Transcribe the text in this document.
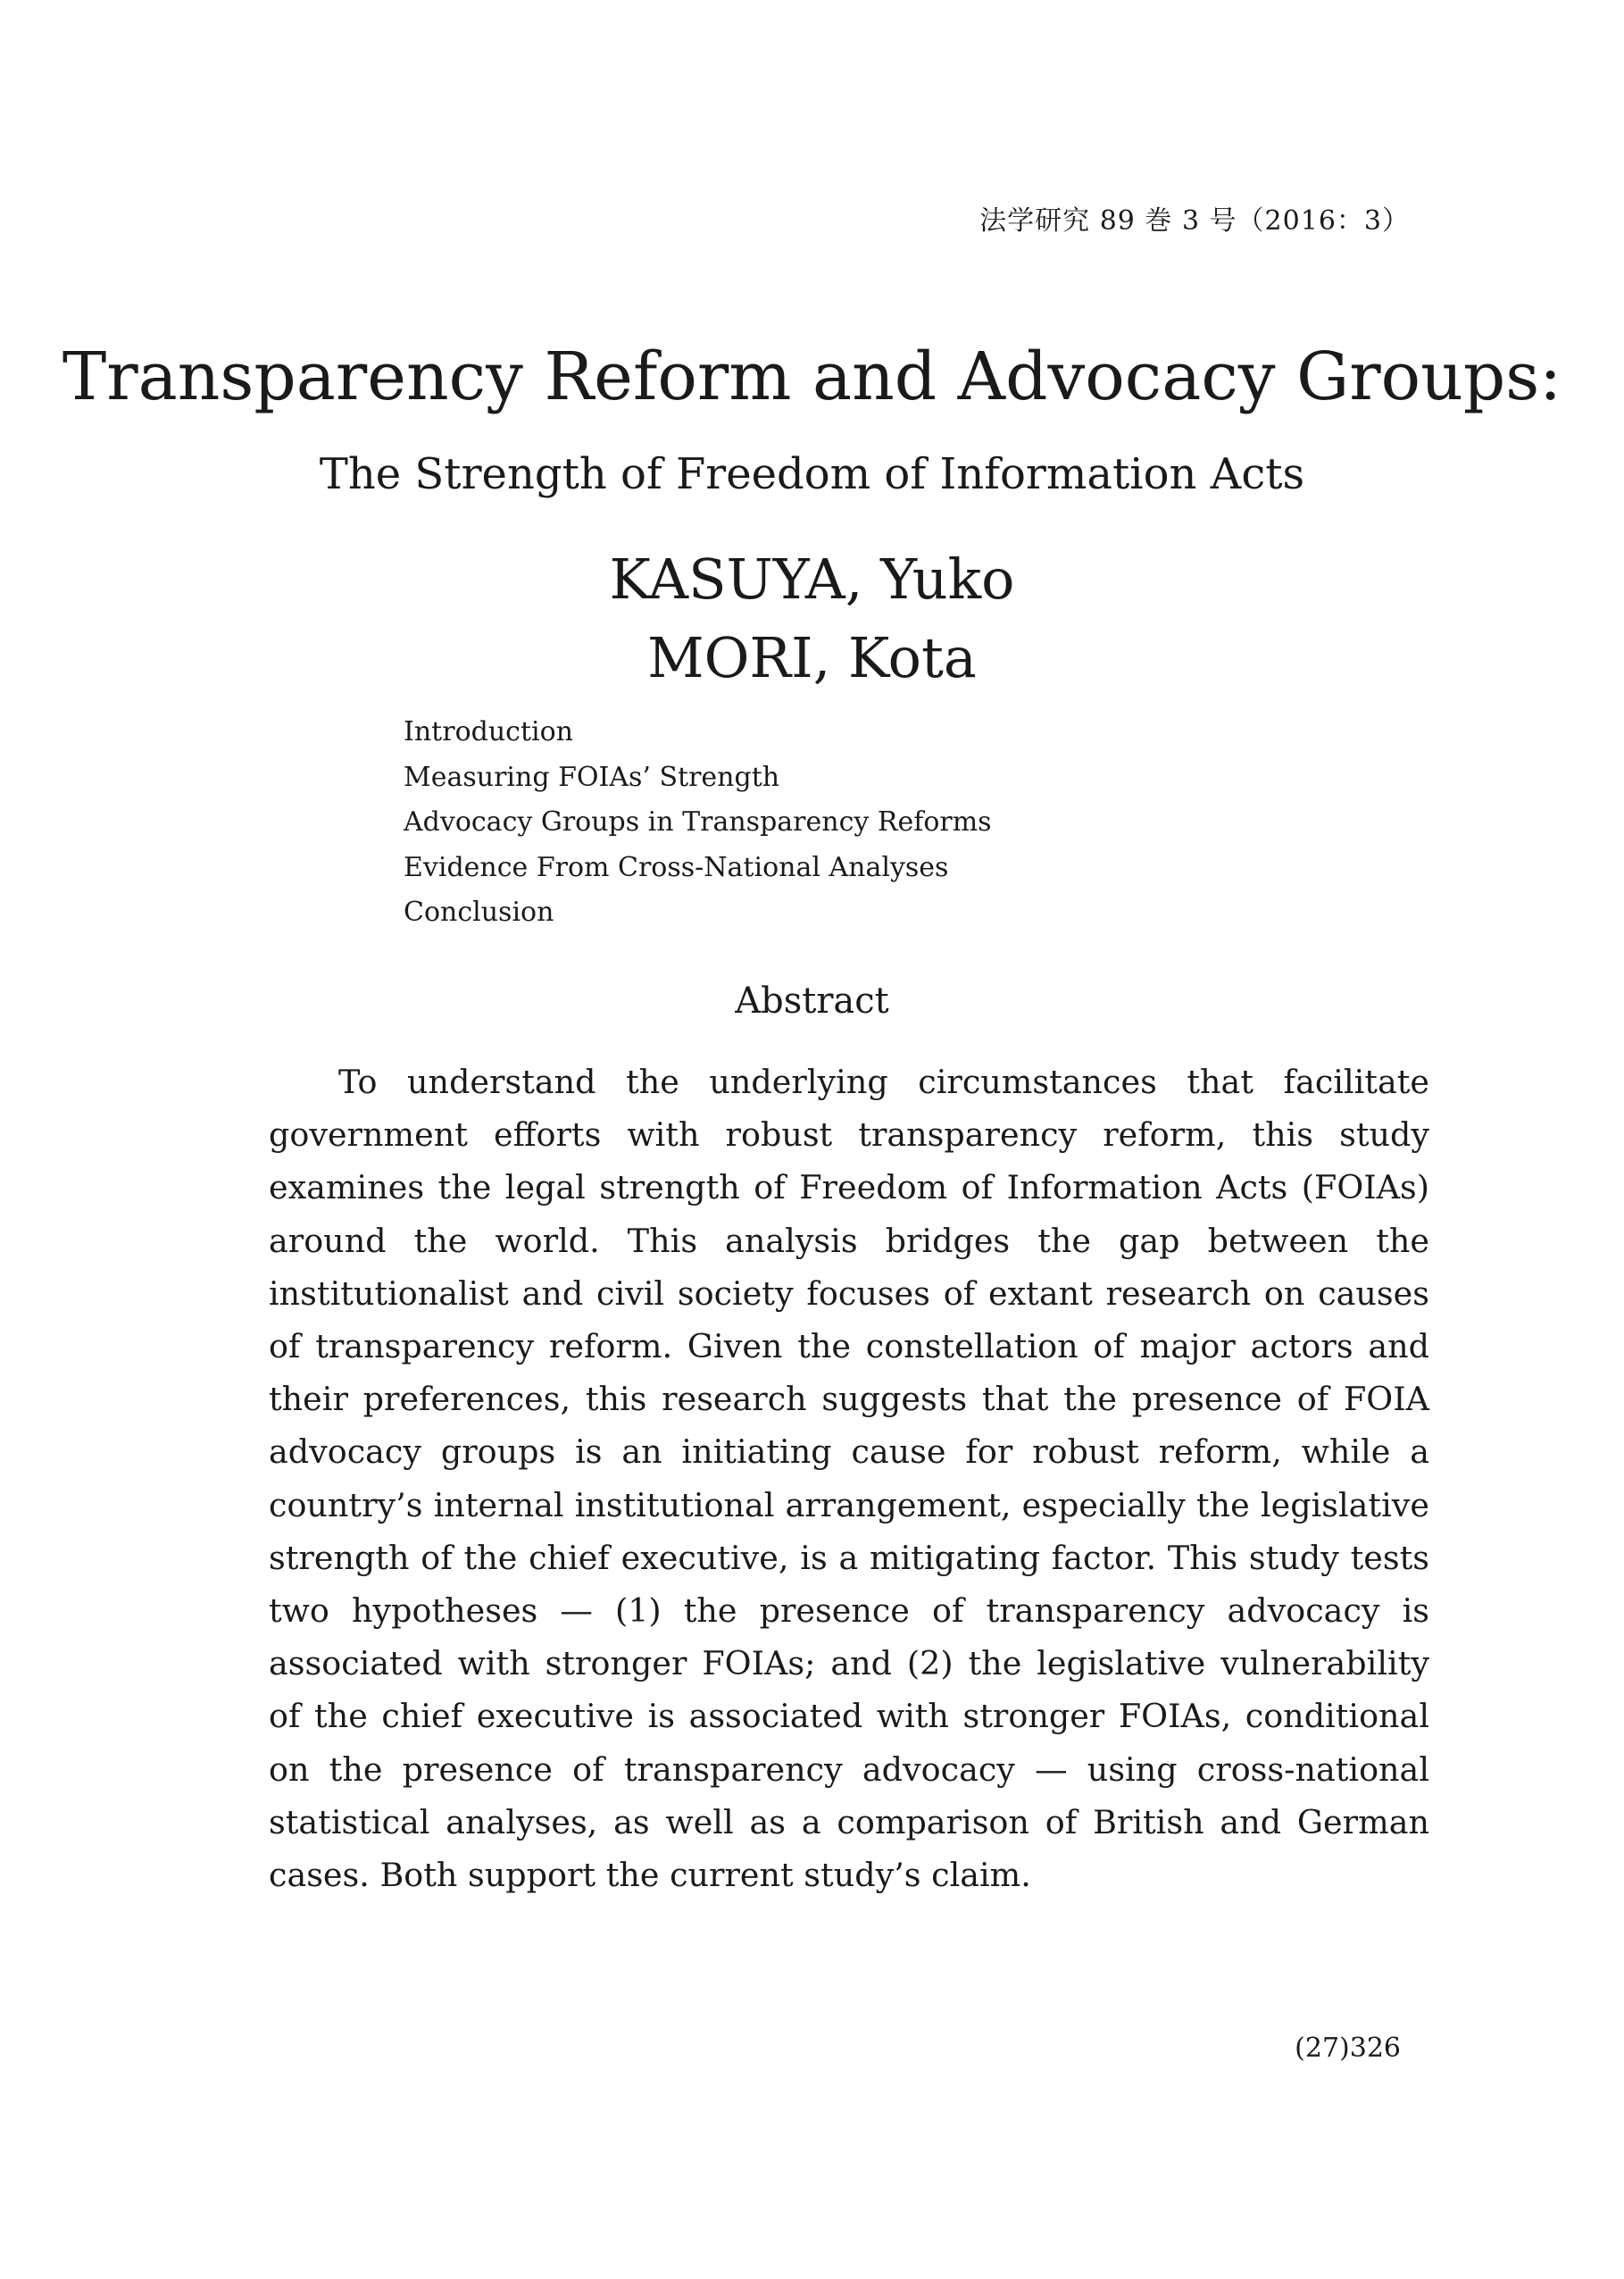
法学研究 89 巻 3 号（2016：3）
Transparency Reform and Advocacy Groups:
The Strength of Freedom of Information Acts
KASUYA, Yuko
MORI, Kota
Introduction
Measuring FOIAs’ Strength
Advocacy Groups in Transparency Reforms
Evidence From Cross-National Analyses
Conclusion
Abstract

To understand the underlying circumstances that facilitate government efforts with robust transparency reform, this study examines the legal strength of Freedom of Information Acts (FOIAs) around the world. This analysis bridges the gap between the institutionalist and civil society focuses of extant research on causes of transparency reform. Given the constellation of major actors and their preferences, this research suggests that the presence of FOIA advocacy groups is an initiating cause for robust reform, while a country’s internal institutional arrangement, especially the legislative strength of the chief executive, is a mitigating factor. This study tests two hypotheses — (1) the presence of transparency advocacy is associated with stronger FOIAs; and (2) the legislative vulnerability of the chief executive is associated with stronger FOIAs, conditional on the presence of transparency advocacy — using cross-national statistical analyses, as well as a comparison of British and German cases. Both support the current study’s claim.

(27)326
